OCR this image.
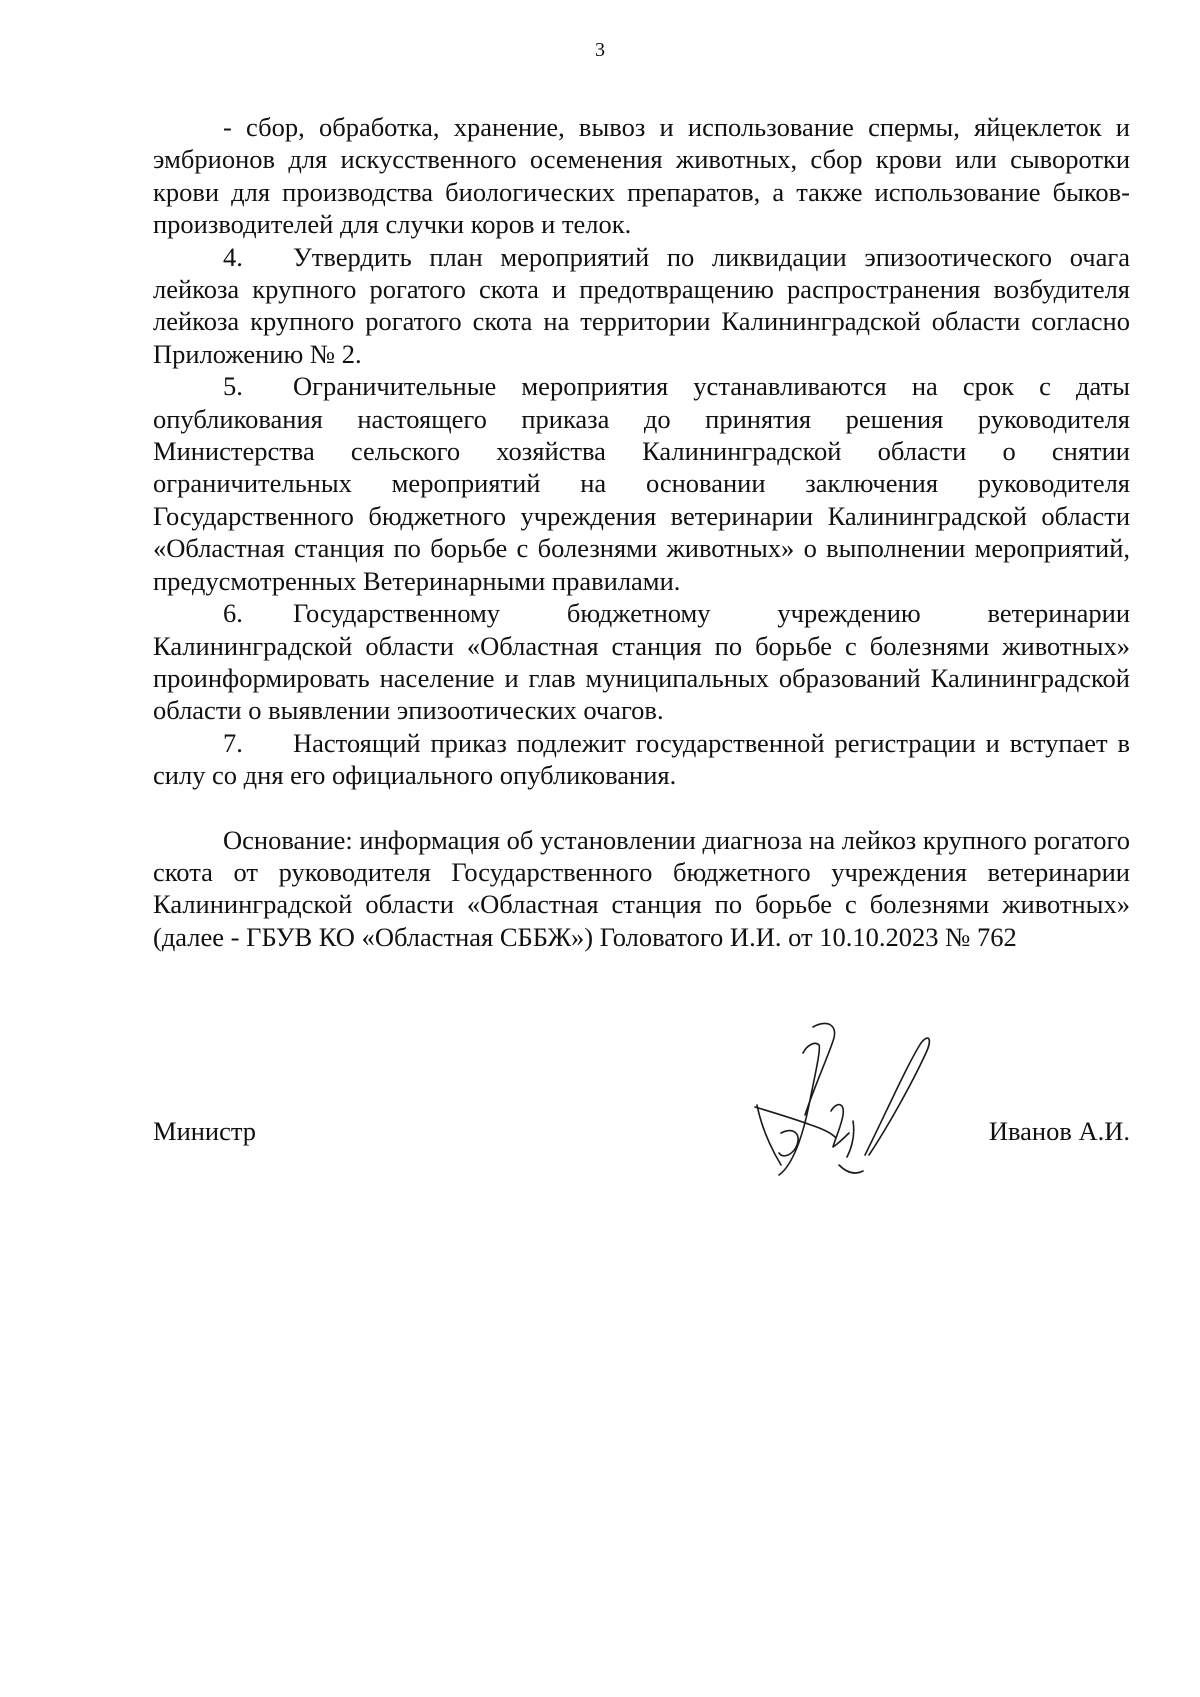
3

- сбор, обработка, хранение, вывоз и использование спермы, яйцеклеток и эмбрионов для искусственного осеменения животных, сбор крови или сыворотки крови для производства биологических препаратов, а также использование быков-производителей для случки коров и телок.

4. Утвердить план мероприятий по ликвидации эпизоотического очага лейкоза крупного рогатого скота и предотвращению распространения возбудителя лейкоза крупного рогатого скота на территории Калининградской области согласно Приложению № 2.

5. Ограничительные мероприятия устанавливаются на срок с даты опубликования настоящего приказа до принятия решения руководителя Министерства сельского хозяйства Калининградской области о снятии ограничительных мероприятий на основании заключения руководителя Государственного бюджетного учреждения ветеринарии Калининградской области «Областная станция по борьбе с болезнями животных» о выполнении мероприятий, предусмотренных Ветеринарными правилами.

6. Государственному бюджетному учреждению ветеринарии Калининградской области «Областная станция по борьбе с болезнями животных» проинформировать население и глав муниципальных образований Калининградской области о выявлении эпизоотических очагов.

7. Настоящий приказ подлежит государственной регистрации и вступает в силу со дня его официального опубликования.

Основание: информация об установлении диагноза на лейкоз крупного рогатого скота от руководителя Государственного бюджетного учреждения ветеринарии Калининградской области «Областная станция по борьбе с болезнями животных» (далее - ГБУВ КО «Областная СББЖ») Головатого И.И. от 10.10.2023 № 762

Министр	Иванов А.И.
